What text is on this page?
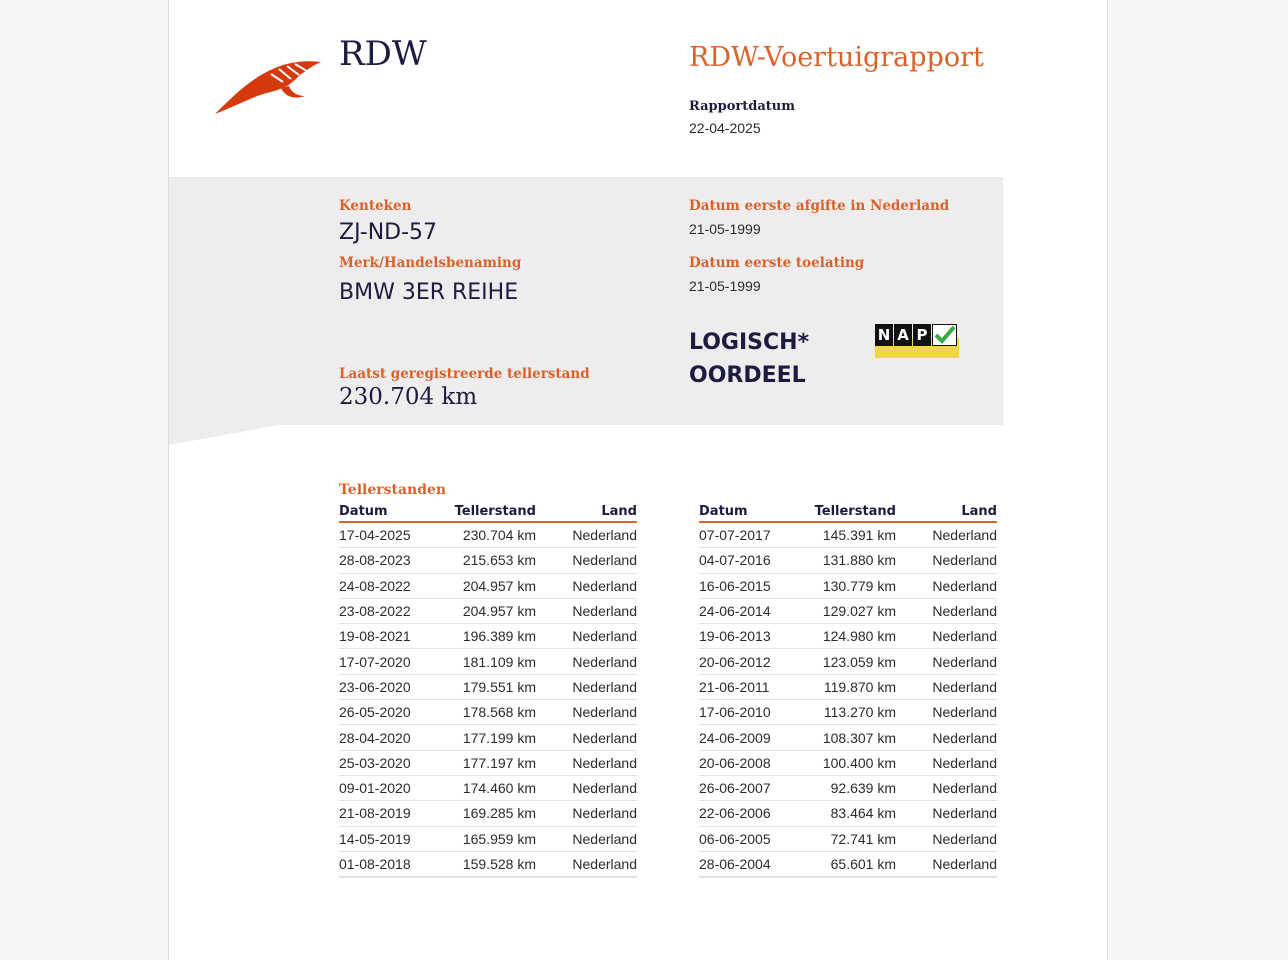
RDW	RDW-Voertuigrapport
Rapportdatum
22-04-2025
Kenteken
ZJ-ND-57
Merk/Handelsbenaming
BMW 3ER REIHE
Laatst geregistreerde tellerstand
230.704 km
Datum eerste afgifte in Nederland
21-05-1999
Datum eerste toelating
21-05-1999
LOGISCH*
OORDEEL
N A P
Tellerstanden
Datum	Tellerstand	Land
17-04-2025	230.704 km	Nederland
28-08-2023	215.653 km	Nederland
24-08-2022	204.957 km	Nederland
23-08-2022	204.957 km	Nederland
19-08-2021	196.389 km	Nederland
17-07-2020	181.109 km	Nederland
23-06-2020	179.551 km	Nederland
26-05-2020	178.568 km	Nederland
28-04-2020	177.199 km	Nederland
25-03-2020	177.197 km	Nederland
09-01-2020	174.460 km	Nederland
21-08-2019	169.285 km	Nederland
14-05-2019	165.959 km	Nederland
01-08-2018	159.528 km	Nederland
Datum	Tellerstand	Land
07-07-2017	145.391 km	Nederland
04-07-2016	131.880 km	Nederland
16-06-2015	130.779 km	Nederland
24-06-2014	129.027 km	Nederland
19-06-2013	124.980 km	Nederland
20-06-2012	123.059 km	Nederland
21-06-2011	119.870 km	Nederland
17-06-2010	113.270 km	Nederland
24-06-2009	108.307 km	Nederland
20-06-2008	100.400 km	Nederland
26-06-2007	92.639 km	Nederland
22-06-2006	83.464 km	Nederland
06-06-2005	72.741 km	Nederland
28-06-2004	65.601 km	Nederland
